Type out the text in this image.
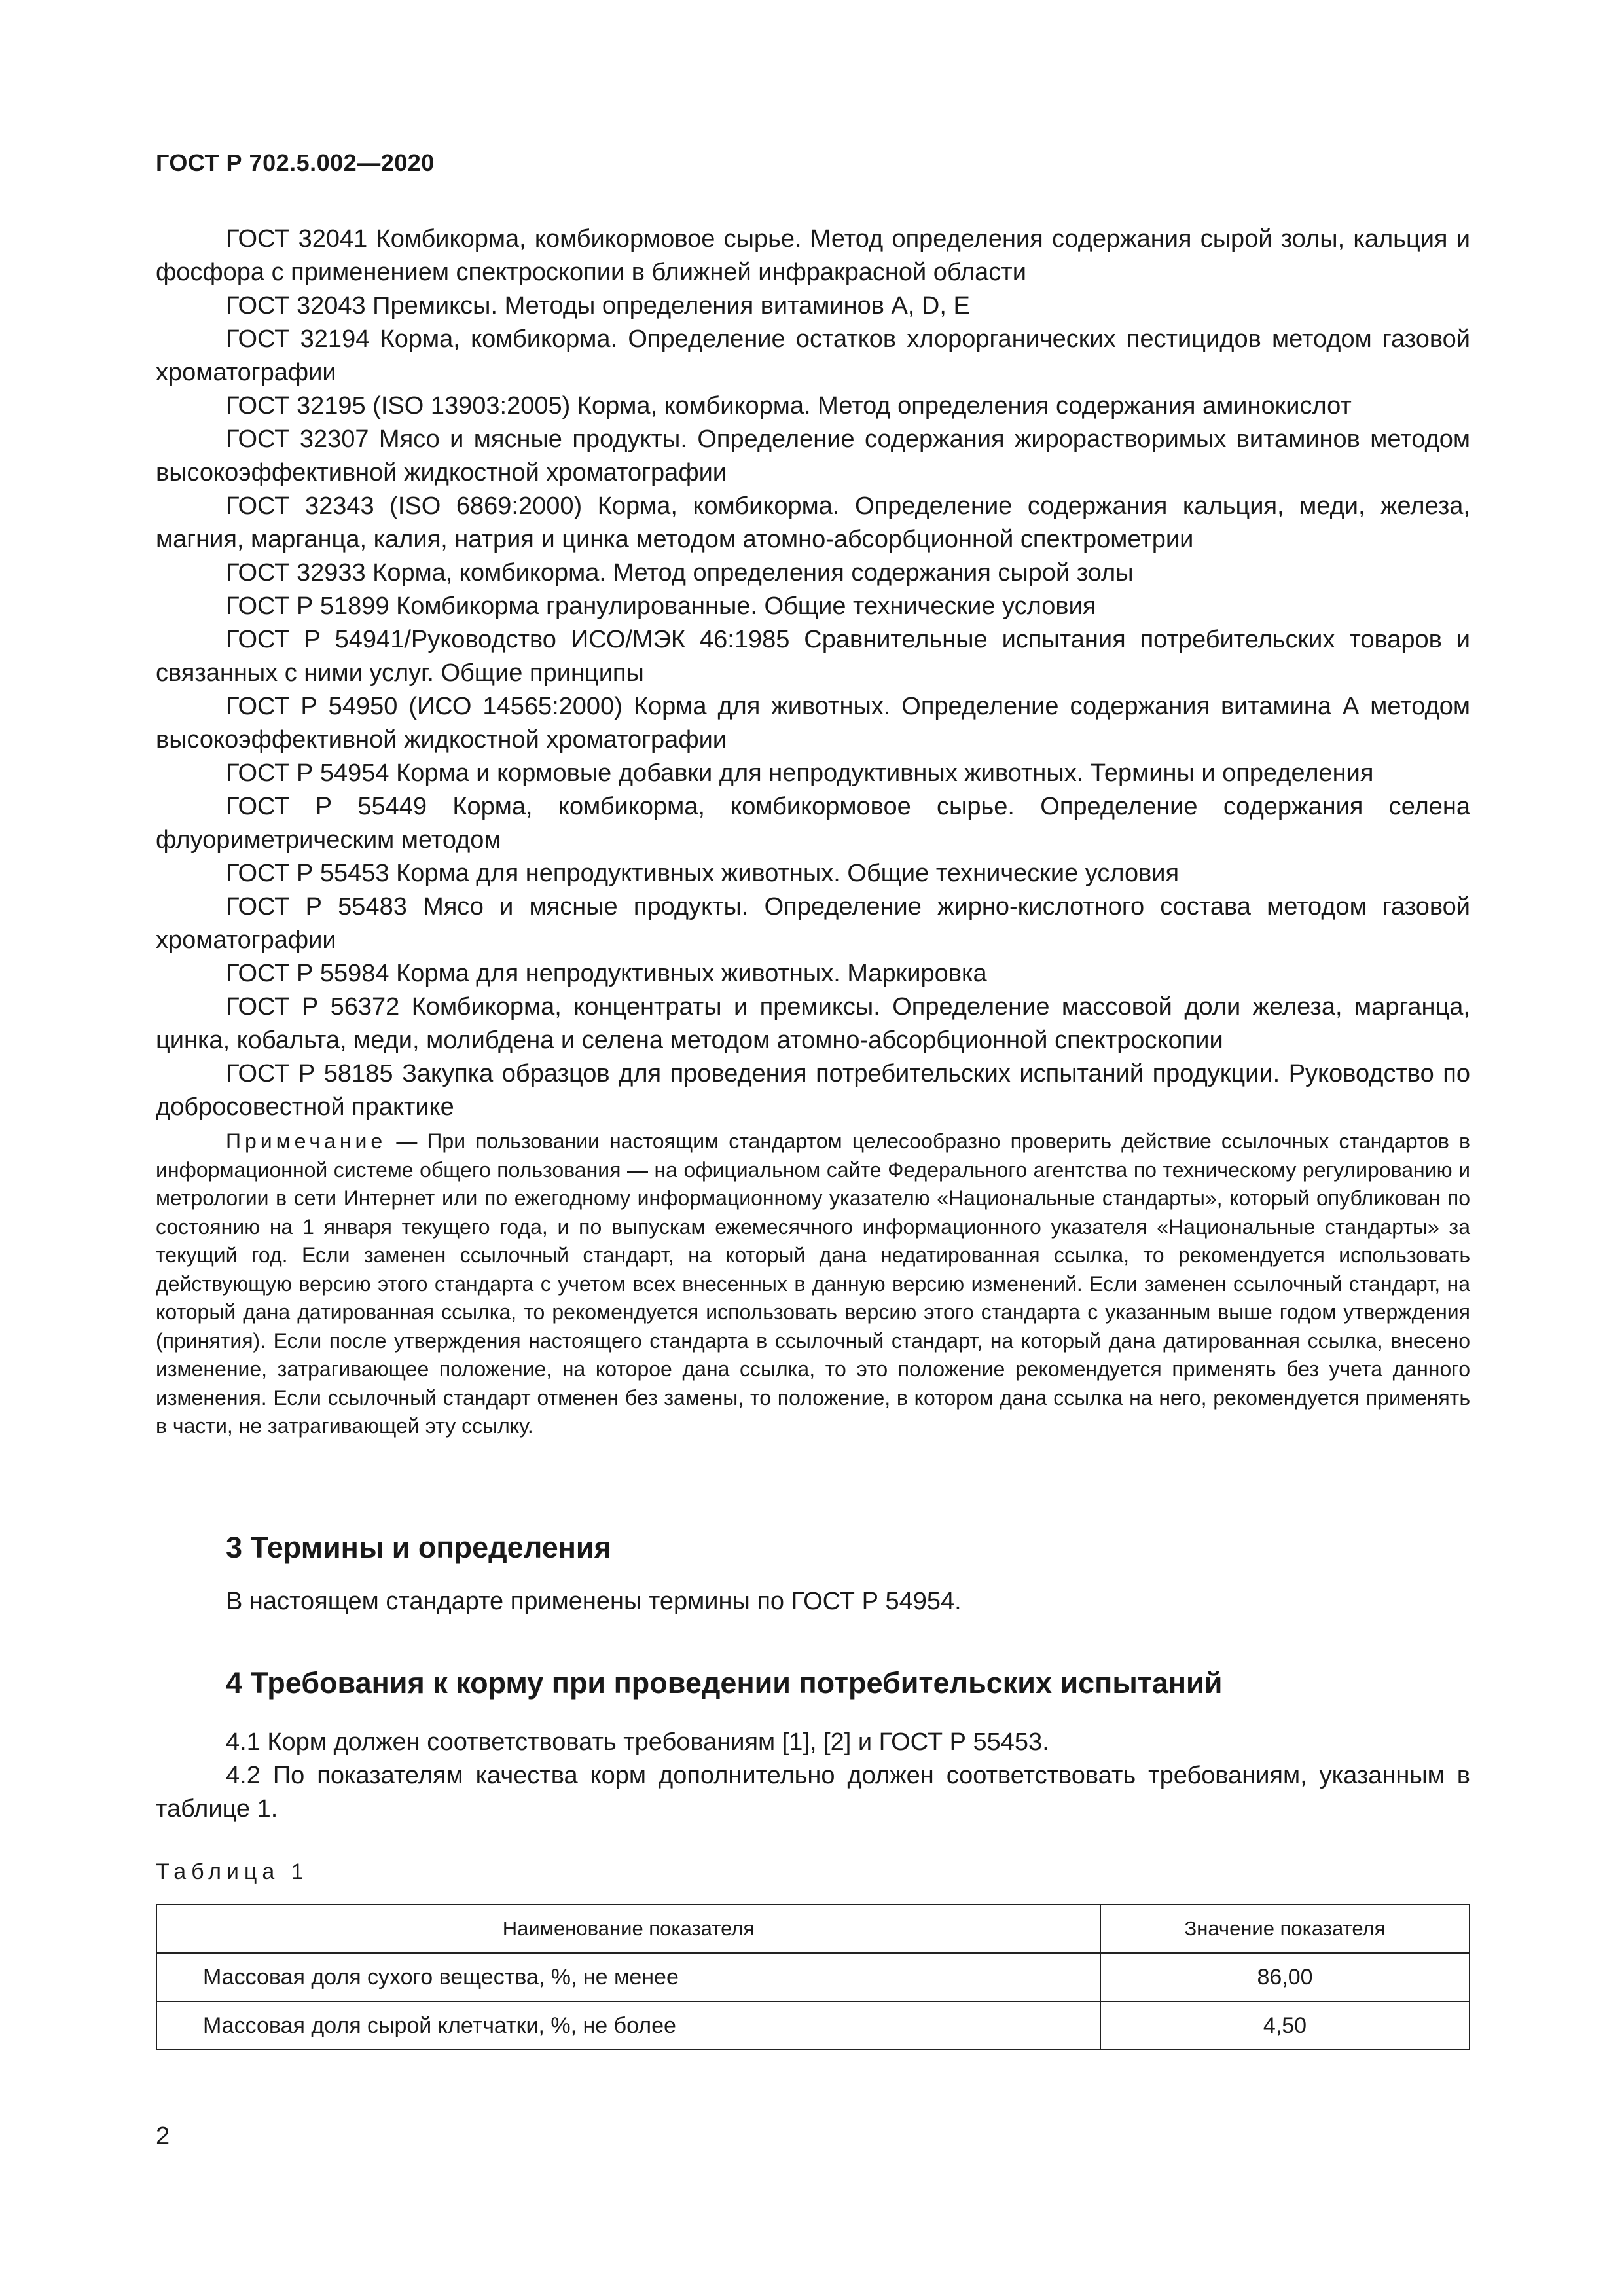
ГОСТ Р 702.5.002—2020

ГОСТ 32041 Комбикорма, комбикормовое сырье. Метод определения содержания сырой золы, кальция и фосфора с применением спектроскопии в ближней инфракрасной области

ГОСТ 32043 Премиксы. Методы определения витаминов A, D, E

ГОСТ 32194 Корма, комбикорма. Определение остатков хлорорганических пестицидов методом газовой хроматографии

ГОСТ 32195 (ISO 13903:2005) Корма, комбикорма. Метод определения содержания аминокислот

ГОСТ 32307 Мясо и мясные продукты. Определение содержания жирорастворимых витаминов методом высокоэффективной жидкостной хроматографии

ГОСТ 32343 (ISO 6869:2000) Корма, комбикорма. Определение содержания кальция, меди, железа, магния, марганца, калия, натрия и цинка методом атомно-абсорбционной спектрометрии

ГОСТ 32933 Корма, комбикорма. Метод определения содержания сырой золы

ГОСТ Р 51899 Комбикорма гранулированные. Общие технические условия

ГОСТ Р 54941/Руководство ИСО/МЭК 46:1985 Сравнительные испытания потребительских товаров и связанных с ними услуг. Общие принципы

ГОСТ Р 54950 (ИСО 14565:2000) Корма для животных. Определение содержания витамина А методом высокоэффективной жидкостной хроматографии

ГОСТ Р 54954 Корма и кормовые добавки для непродуктивных животных. Термины и определения

ГОСТ Р 55449 Корма, комбикорма, комбикормовое сырье. Определение содержания селена флуориметрическим методом

ГОСТ Р 55453 Корма для непродуктивных животных. Общие технические условия

ГОСТ Р 55483 Мясо и мясные продукты. Определение жирно-кислотного состава методом газовой хроматографии

ГОСТ Р 55984 Корма для непродуктивных животных. Маркировка

ГОСТ Р 56372 Комбикорма, концентраты и премиксы. Определение массовой доли железа, марганца, цинка, кобальта, меди, молибдена и селена методом атомно-абсорбционной спектроскопии

ГОСТ Р 58185 Закупка образцов для проведения потребительских испытаний продукции. Руководство по добросовестной практике

Примечание — При пользовании настоящим стандартом целесообразно проверить действие ссылочных стандартов в информационной системе общего пользования — на официальном сайте Федерального агентства по техническому регулированию и метрологии в сети Интернет или по ежегодному информационному указателю «Национальные стандарты», который опубликован по состоянию на 1 января текущего года, и по выпускам ежемесячного информационного указателя «Национальные стандарты» за текущий год. Если заменен ссылочный стандарт, на который дана недатированная ссылка, то рекомендуется использовать действующую версию этого стандарта с учетом всех внесенных в данную версию изменений. Если заменен ссылочный стандарт, на который дана датированная ссылка, то рекомендуется использовать версию этого стандарта с указанным выше годом утверждения (принятия). Если после утверждения настоящего стандарта в ссылочный стандарт, на который дана датированная ссылка, внесено изменение, затрагивающее положение, на которое дана ссылка, то это положение рекомендуется применять без учета данного изменения. Если ссылочный стандарт отменен без замены, то положение, в котором дана ссылка на него, рекомендуется применять в части, не затрагивающей эту ссылку.

3 Термины и определения
В настоящем стандарте применены термины по ГОСТ Р 54954.
4 Требования к корму при проведении потребительских испытаний

4.1 Корм должен соответствовать требованиям [1], [2] и ГОСТ Р 55453.

4.2 По показателям качества корм дополнительно должен соответствовать требованиям, указанным в таблице 1.

Таблица 1
Наименование показателя	Значение показателя
Массовая доля сухого вещества, %, не менее	86,00
Массовая доля сырой клетчатки, %, не более	4,50
2
